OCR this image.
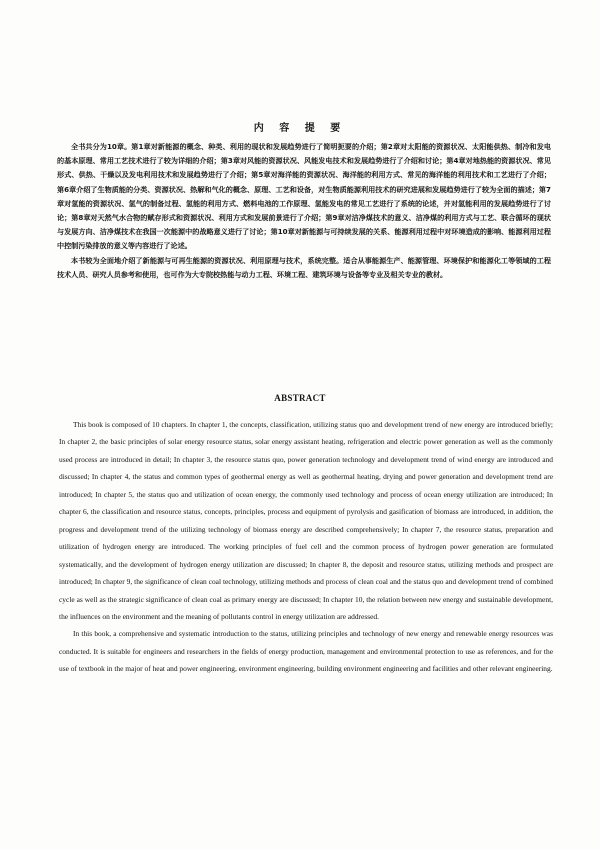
内 容 提 要

全书共分为10章。第1章对新能源的概念、种类、利用的现状和发展趋势进行了简明扼要的介绍；第2章对太阳能的资源状况、太阳能供热、制冷和发电的基本原理、常用工艺技术进行了较为详细的介绍；第3章对风能的资源状况、风能发电技术和发展趋势进行了介绍和讨论；第4章对地热能的资源状况、常见形式、供热、干燥以及发电利用技术和发展趋势进行了介绍；第5章对海洋能的资源状况、海洋能的利用方式、常见的海洋能的利用技术和工艺进行了介绍；第6章介绍了生物质能的分类、资源状况、热解和气化的概念、原理、工艺和设备，对生物质能源利用技术的研究进展和发展趋势进行了较为全面的描述；第7章对氢能的资源状况、氢气的制备过程、氢能的利用方式、燃料电池的工作原理、氢能发电的常见工艺进行了系统的论述，并对氢能利用的发展趋势进行了讨论；第8章对天然气水合物的赋存形式和资源状况、利用方式和发展前景进行了介绍；第9章对洁净煤技术的意义、洁净煤的利用方式与工艺、联合循环的现状与发展方向、洁净煤技术在我国一次能源中的战略意义进行了讨论；第10章对新能源与可持续发展的关系、能源利用过程中对环境造成的影响、能源利用过程中控制污染排放的意义等内容进行了论述。

本书较为全面地介绍了新能源与可再生能源的资源状况、利用原理与技术，系统完整。适合从事能源生产、能源管理、环境保护和能源化工等领域的工程技术人员、研究人员参考和使用，也可作为大专院校热能与动力工程、环境工程、建筑环境与设备等专业及相关专业的教材。

ABSTRACT

This book is composed of 10 chapters. In chapter 1, the concepts, classification, utilizing status quo and development trend of new energy are introduced briefly; In chapter 2, the basic principles of solar energy resource status, solar energy assistant heating, refrigeration and electric power generation as well as the commonly used process are introduced in detail; In chapter 3, the resource status quo, power generation technology and development trend of wind energy are introduced and discussed; In chapter 4, the status and common types of geothermal energy as well as geothermal heating, drying and power generation and development trend are introduced; In chapter 5, the status quo and utilization of ocean energy, the commonly used technology and process of ocean energy utilization are introduced; In chapter 6, the classification and resource status, concepts, principles, process and equipment of pyrolysis and gasification of biomass are introduced, in addition, the progress and development trend of the utilizing technology of biomass energy are described comprehensively; In chapter 7, the resource status, preparation and utilization of hydrogen energy are introduced. The working principles of fuel cell and the common process of hydrogen power generation are formulated systematically, and the development of hydrogen energy utilization are discussed; In chapter 8, the deposit and resource status, utilizing methods and prospect are introduced; In chapter 9, the significance of clean coal technology, utilizing methods and process of clean coal and the status quo and development trend of combined cycle as well as the strategic significance of clean coal as primary energy are discussed; In chapter 10, the relation between new energy and sustainable development, the influences on the environment and the meaning of pollutants control in energy utilization are addressed.

In this book, a comprehensive and systematic introduction to the status, utilizing principles and technology of new energy and renewable energy resources was conducted. It is suitable for engineers and researchers in the fields of energy production, management and environmental protection to use as references, and for the use of textbook in the major of heat and power engineering, environment engineering, building environment engineering and facilities and other relevant engineering.
